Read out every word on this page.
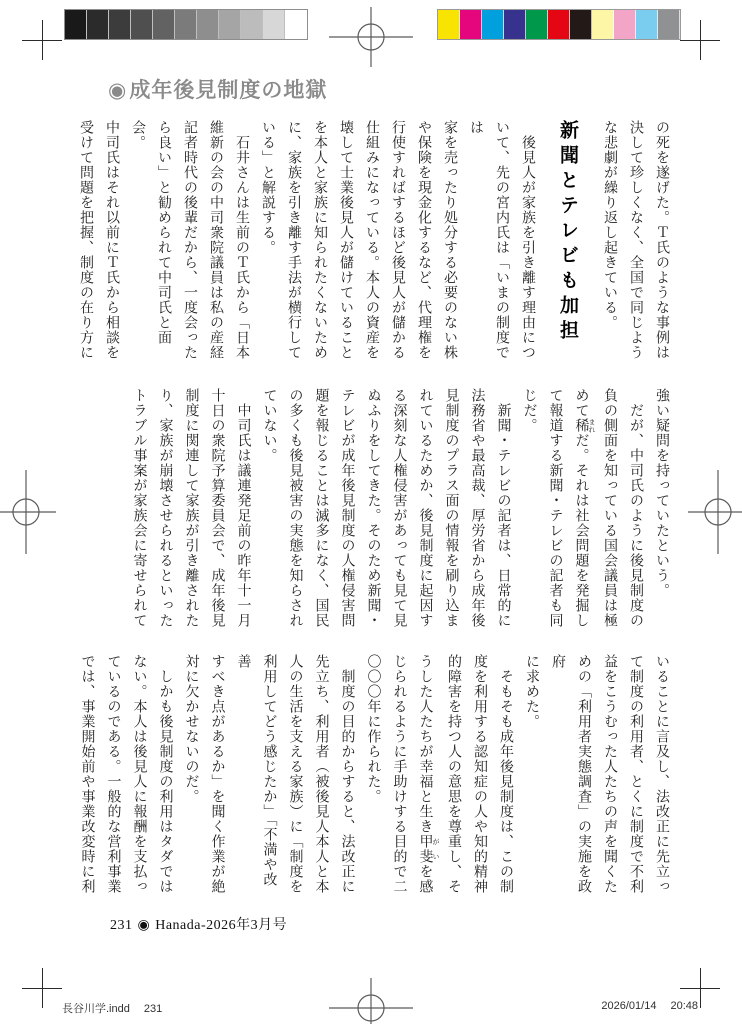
◉成年後見制度の地獄
の死を遂げた。Ｔ氏のような事例は
決して珍しくなく、全国で同じよう
な悲劇が繰り返し起きている。
新聞とテレビも加担
　後見人が家族を引き離す理由につ
いて、先の宮内氏は「いまの制度では
家を売ったり処分する必要のない株
や保険を現金化するなど、代理権を
行使すればするほど後見人が儲かる
仕組みになっている。本人の資産を
壊して士業後見人が儲けていること
を本人と家族に知られたくないため
に、家族を引き離す手法が横行して
いる」と解説する。
　石井さんは生前のＴ氏から「日本
維新の会の中司衆院議員は私の産経
記者時代の後輩だから、一度会った
ら良い」と勧められて中司氏と面会。
中司氏はそれ以前にＴ氏から相談を
受けて問題を把握、制度の在り方に
強い疑問を持っていたという。
　だが、中司氏のように後見制度の
負の側面を知っている国会議員は極
めて稀 まれだ。それは社会問題を発掘し
て報道する新聞・テレビの記者も同
じだ。
　新聞・テレビの記者は、日常的に
法務省や最高裁、厚労省から成年後
見制度のプラス面の情報を刷り込ま
れているためか、後見制度に起因す
る深刻な人権侵害があっても見て見
ぬふりをしてきた。そのため新聞・
テレビが成年後見制度の人権侵害問
題を報じることは滅多になく、国民
の多くも後見被害の実態を知らされ
ていない。
　中司氏は議連発足前の昨年十一月
十日の衆院予算委員会で、成年後見
制度に関連して家族が引き離された
り、家族が崩壊させられるといった
トラブル事案が家族会に寄せられて
いることに言及し、法改正に先立っ
て制度の利用者、とくに制度で不利
益をこうむった人たちの声を聞くた
めの「利用者実態調査」の実施を政府
に求めた。
　そもそも成年後見制度は、この制
度を利用する認知症の人や知的精神
的障害を持つ人の意思を尊重し、そ
うした人たちが幸福と生き甲斐 がいを感
じられるように手助けする目的で二
〇〇〇年に作られた。
　制度の目的からすると、法改正に
先立ち、利用者（被後見人本人と本
人の生活を支える家族）に「制度を
利用してどう感じたか」「不満や改善
すべき点があるか」を聞く作業が絶
対に欠かせないのだ。
　しかも後見制度の利用はタダでは
ない。本人は後見人に報酬を支払っ
ているのである。一般的な営利事業
では、事業開始前や事業改変時に利
231 ◉ Hanada-2026年3月号
長谷川学.indd 231	2026/01/14 20:48
